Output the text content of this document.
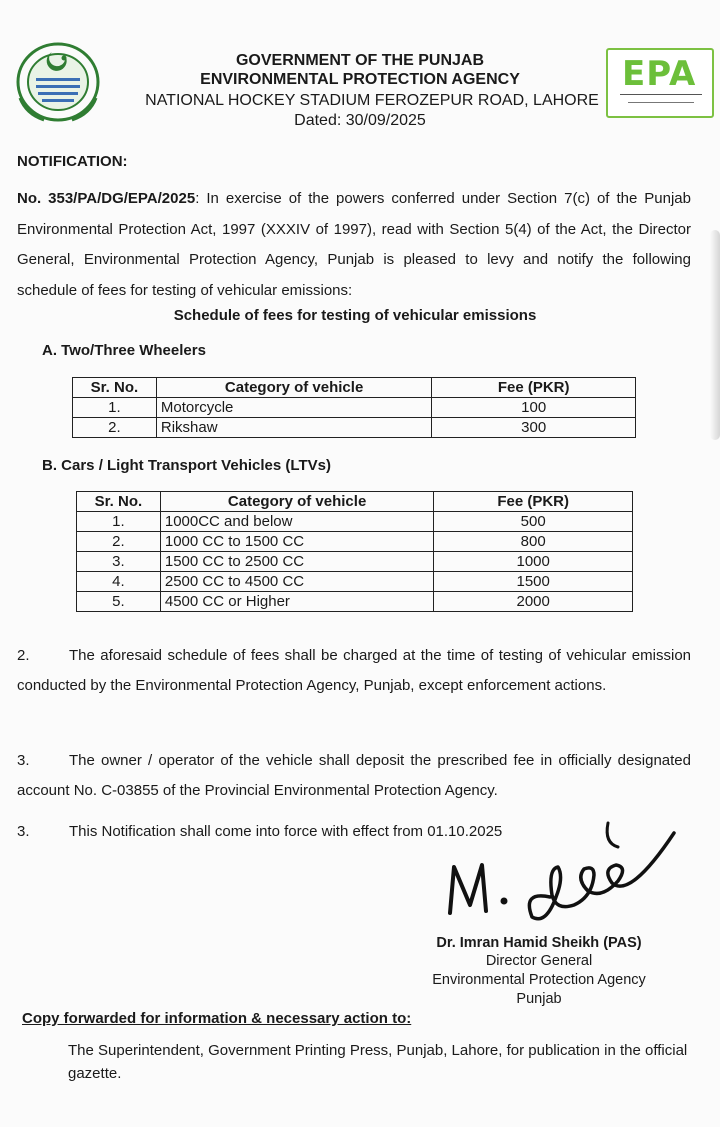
EPA
GOVERNMENT OF THE PUNJAB
ENVIRONMENTAL PROTECTION AGENCY
NATIONAL HOCKEY STADIUM FEROZEPUR ROAD, LAHORE
Dated: 30/09/2025
NOTIFICATION:
No. 353/PA/DG/EPA/2025: In exercise of the powers conferred under Section 7(c) of the Punjab Environmental Protection Act, 1997 (XXXIV of 1997), read with Section 5(4) of the Act, the Director General, Environmental Protection Agency, Punjab is pleased to levy and notify the following schedule of fees for testing of vehicular emissions:
Schedule of fees for testing of vehicular emissions
A. Two/Three Wheelers
Sr. No.	Category of vehicle	Fee (PKR)
1.	Motorcycle	100
2.	Rikshaw	300
B. Cars / Light Transport Vehicles (LTVs)
Sr. No.	Category of vehicle	Fee (PKR)
1.	1000CC and below	500
2.	1000 CC to 1500 CC	800
3.	1500 CC to 2500 CC	1000
4.	2500 CC to 4500 CC	1500
5.	4500 CC or Higher	2000
2.	The aforesaid schedule of fees shall be charged at the time of testing of vehicular emission conducted by the Environmental Protection Agency, Punjab, except enforcement actions.
3.	The owner / operator of the vehicle shall deposit the prescribed fee in officially designated account No. C-03855 of the Provincial Environmental Protection Agency.
3.	This Notification shall come into force with effect from 01.10.2025
Dr. Imran Hamid Sheikh (PAS)
Director General
Environmental Protection Agency
Punjab
Copy forwarded for information & necessary action to:
The Superintendent, Government Printing Press, Punjab, Lahore, for publication in the official gazette.
